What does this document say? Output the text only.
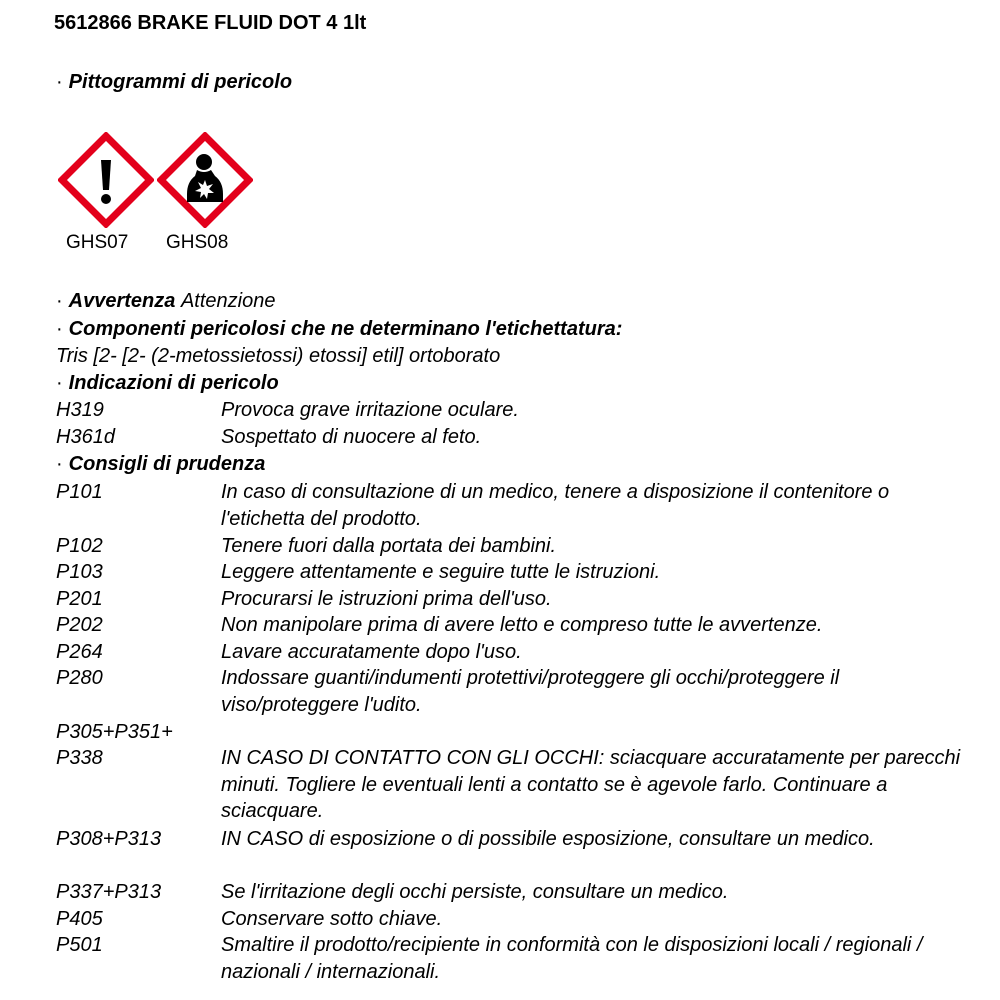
5612866 BRAKE FLUID DOT 4 1lt
· Pittogrammi di pericolo
GHS07 GHS08
· Avvertenza Attenzione
· Componenti pericolosi che ne determinano l'etichettatura:
Tris [2- [2- (2-metossietossi) etossi] etil] ortoborato
· Indicazioni di pericolo
H319	Provoca grave irritazione oculare.
H361d	Sospettato di nuocere al feto.
· Consigli di prudenza
P101	In caso di consultazione di un medico, tenere a disposizione il contenitore o l'etichetta del prodotto.
P102	Tenere fuori dalla portata dei bambini.
P103	Leggere attentamente e seguire tutte le istruzioni.
P201	Procurarsi le istruzioni prima dell'uso.
P202	Non manipolare prima di avere letto e compreso tutte le avvertenze.
P264	Lavare accuratamente dopo l'uso.
P280	Indossare guanti/indumenti protettivi/proteggere gli occhi/proteggere il viso/proteggere l'udito.
P305+P351+
P338	IN CASO DI CONTATTO CON GLI OCCHI: sciacquare accuratamente per parecchi minuti. Togliere le eventuali lenti a contatto se è agevole farlo. Continuare a sciacquare.
P308+P313	IN CASO di esposizione o di possibile esposizione, consultare un medico.
P337+P313	Se l'irritazione degli occhi persiste, consultare un medico.
P405	Conservare sotto chiave.
P501	Smaltire il prodotto/recipiente in conformità con le disposizioni locali / regionali / nazionali / internazionali.
